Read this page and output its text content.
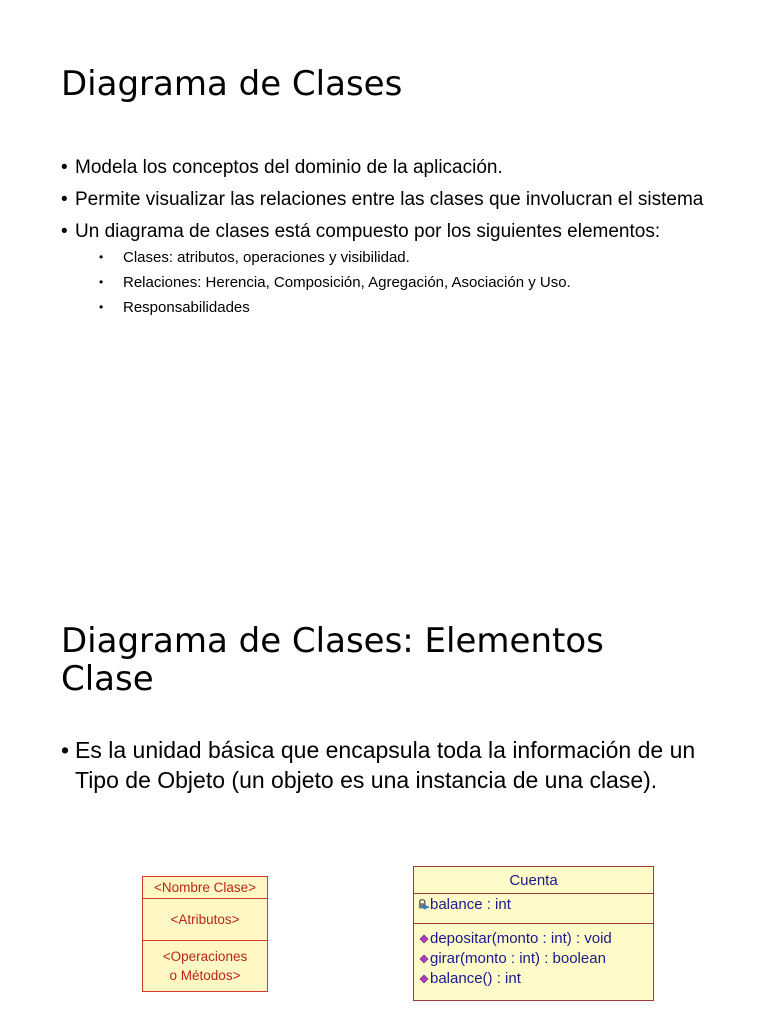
Diagrama de Clases
• Modela los conceptos del dominio de la aplicación.
• Permite visualizar las relaciones entre las clases que involucran el sistema
• Un diagrama de clases está compuesto por los siguientes elementos:
• Clases: atributos, operaciones y visibilidad.
• Relaciones: Herencia, Composición, Agregación, Asociación y Uso.
• Responsabilidades
Diagrama de Clases: Elementos
Clase
• Es la unidad básica que encapsula toda la información de un Tipo de Objeto (un objeto es una instancia de una clase).
<Nombre Clase>
<Atributos>
<Operaciones
o Métodos>
Cuenta
balance : int
depositar(monto : int) : void
girar(monto : int) : boolean
balance() : int
